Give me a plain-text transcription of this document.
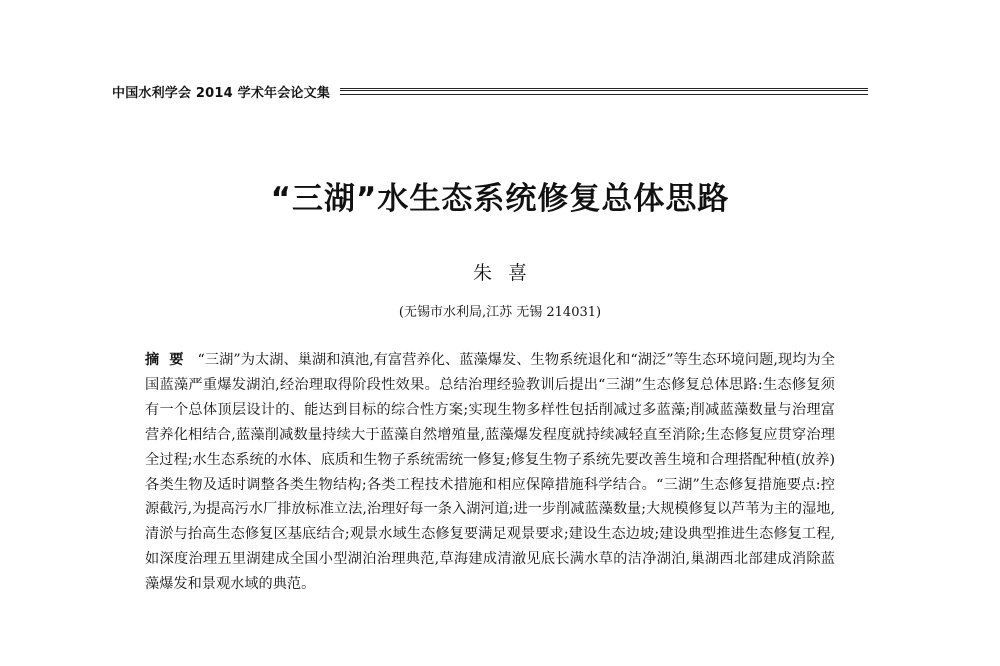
中国水利学会 2014 学术年会论文集
“三湖”水生态系统修复总体思路
朱喜
(无锡市水利局,江苏 无锡 214031)
摘要 “三湖”为太湖、巢湖和滇池,有富营养化、蓝藻爆发、生物系统退化和“湖泛”等生态环境问题,现均为全国蓝藻严重爆发湖泊,经治理取得阶段性效果。总结治理经验教训后提出“三湖”生态修复总体思路:生态修复须有一个总体顶层设计的、能达到目标的综合性方案;实现生物多样性包括削减过多蓝藻;削减蓝藻数量与治理富营养化相结合,蓝藻削减数量持续大于蓝藻自然增殖量,蓝藻爆发程度就持续减轻直至消除;生态修复应贯穿治理全过程;水生态系统的水体、底质和生物子系统需统一修复;修复生物子系统先要改善生境和合理搭配种植(放养)各类生物及适时调整各类生物结构;各类工程技术措施和相应保障措施科学结合。“三湖”生态修复措施要点:控源截污,为提高污水厂排放标准立法,治理好每一条入湖河道;进一步削减蓝藻数量;大规模修复以芦苇为主的湿地,清淤与抬高生态修复区基底结合;观景水域生态修复要满足观景要求;建设生态边坡;建设典型推进生态修复工程,如深度治理五里湖建成全国小型湖泊治理典范,草海建成清澈见底长满水草的洁净湖泊,巢湖西北部建成消除蓝藻爆发和景观水域的典范。
